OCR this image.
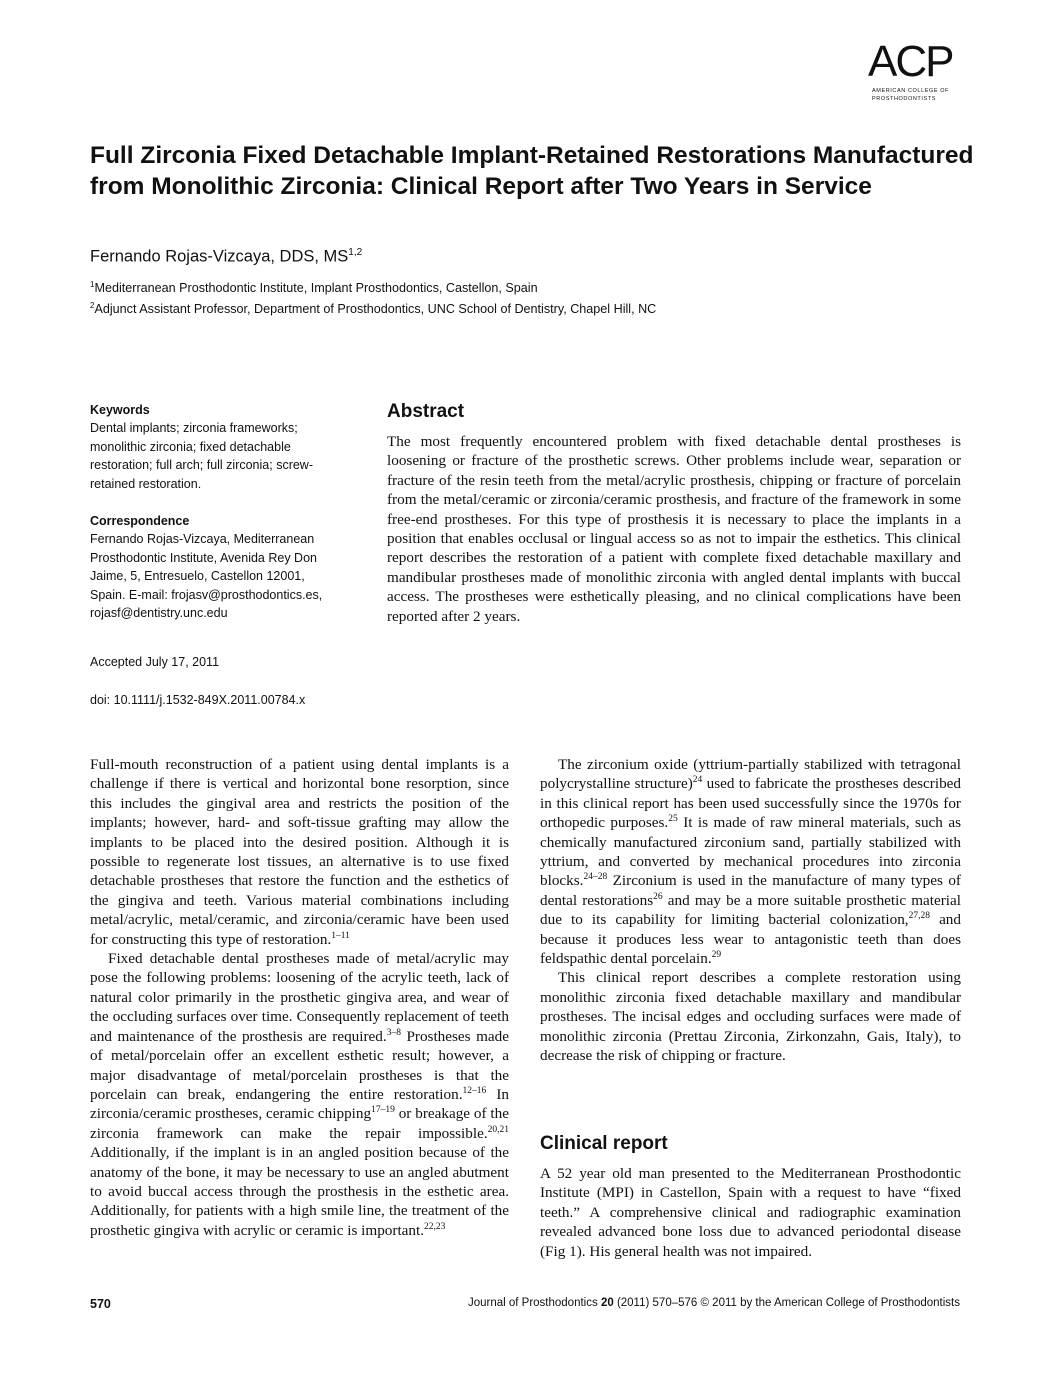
ACP
AMERICAN COLLEGE OF
PROSTHODONTISTS
Full Zirconia Fixed Detachable Implant-Retained Restorations Manufactured from Monolithic Zirconia: Clinical Report after Two Years in Service
Fernando Rojas-Vizcaya, DDS, MS$^{1,2}$
$^1$Mediterranean Prosthodontic Institute, Implant Prosthodontics, Castellon, Spain
$^2$Adjunct Assistant Professor, Department of Prosthodontics, UNC School of Dentistry, Chapel Hill, NC
Keywords
Dental implants; zirconia frameworks; monolithic zirconia; fixed detachable restoration; full arch; full zirconia; screw-retained restoration.
Correspondence
Fernando Rojas-Vizcaya, Mediterranean Prosthodontic Institute, Avenida Rey Don Jaime, 5, Entresuelo, Castellon 12001, Spain. E-mail: frojasv@prosthodontics.es, rojasf@dentistry.unc.edu
Accepted July 17, 2011
doi: 10.1111/j.1532-849X.2011.00784.x
Abstract
The most frequently encountered problem with fixed detachable dental prostheses is loosening or fracture of the prosthetic screws. Other problems include wear, separation or fracture of the resin teeth from the metal/acrylic prosthesis, chipping or fracture of porcelain from the metal/ceramic or zirconia/ceramic prosthesis, and fracture of the framework in some free-end prostheses. For this type of prosthesis it is necessary to place the implants in a position that enables occlusal or lingual access so as not to impair the esthetics. This clinical report describes the restoration of a patient with complete fixed detachable maxillary and mandibular prostheses made of monolithic zirconia with angled dental implants with buccal access. The prostheses were esthetically pleasing, and no clinical complications have been reported after 2 years.

Full-mouth reconstruction of a patient using dental implants is a challenge if there is vertical and horizontal bone resorption, since this includes the gingival area and restricts the position of the implants; however, hard- and soft-tissue grafting may allow the implants to be placed into the desired position. Although it is possible to regenerate lost tissues, an alternative is to use fixed detachable prostheses that restore the function and the esthetics of the gingiva and teeth. Various material combinations including metal/acrylic, metal/ceramic, and zirconia/ceramic have been used for constructing this type of restoration.$^{1-11}$

Fixed detachable dental prostheses made of metal/acrylic may pose the following problems: loosening of the acrylic teeth, lack of natural color primarily in the prosthetic gingiva area, and wear of the occluding surfaces over time. Consequently replacement of teeth and maintenance of the prosthesis are required.$^{3-8}$ Prostheses made of metal/porcelain offer an excellent esthetic result; however, a major disadvantage of metal/porcelain prostheses is that the porcelain can break, endangering the entire restoration.$^{12-16}$ In zirconia/ceramic prostheses, ceramic chipping$^{17-19}$ or breakage of the zirconia framework can make the repair impossible.$^{20,21}$ Additionally, if the implant is in an angled position because of the anatomy of the bone, it may be necessary to use an angled abutment to avoid buccal access through the prosthesis in the esthetic area. Additionally, for patients with a high smile line, the treatment of the prosthetic gingiva with acrylic or ceramic is important.$^{22,23}$

The zirconium oxide (yttrium-partially stabilized with tetragonal polycrystalline structure)$^{24}$ used to fabricate the prostheses described in this clinical report has been used successfully since the 1970s for orthopedic purposes.$^{25}$ It is made of raw mineral materials, such as chemically manufactured zirconium sand, partially stabilized with yttrium, and converted by mechanical procedures into zirconia blocks.$^{24-28}$ Zirconium is used in the manufacture of many types of dental restorations$^{26}$ and may be a more suitable prosthetic material due to its capability for limiting bacterial colonization,$^{27,28}$ and because it produces less wear to antagonistic teeth than does feldspathic dental porcelain.$^{29}$

This clinical report describes a complete restoration using monolithic zirconia fixed detachable maxillary and mandibular prostheses. The incisal edges and occluding surfaces were made of monolithic zirconia (Prettau Zirconia, Zirkonzahn, Gais, Italy), to decrease the risk of chipping or fracture.

Clinical report
A 52 year old man presented to the Mediterranean Prosthodontic Institute (MPI) in Castellon, Spain with a request to have “fixed teeth.” A comprehensive clinical and radiographic examination revealed advanced bone loss due to advanced periodontal disease (Fig 1). His general health was not impaired.
570	Journal of Prosthodontics 20 (2011) 570–576 © 2011 by the American College of Prosthodontists
